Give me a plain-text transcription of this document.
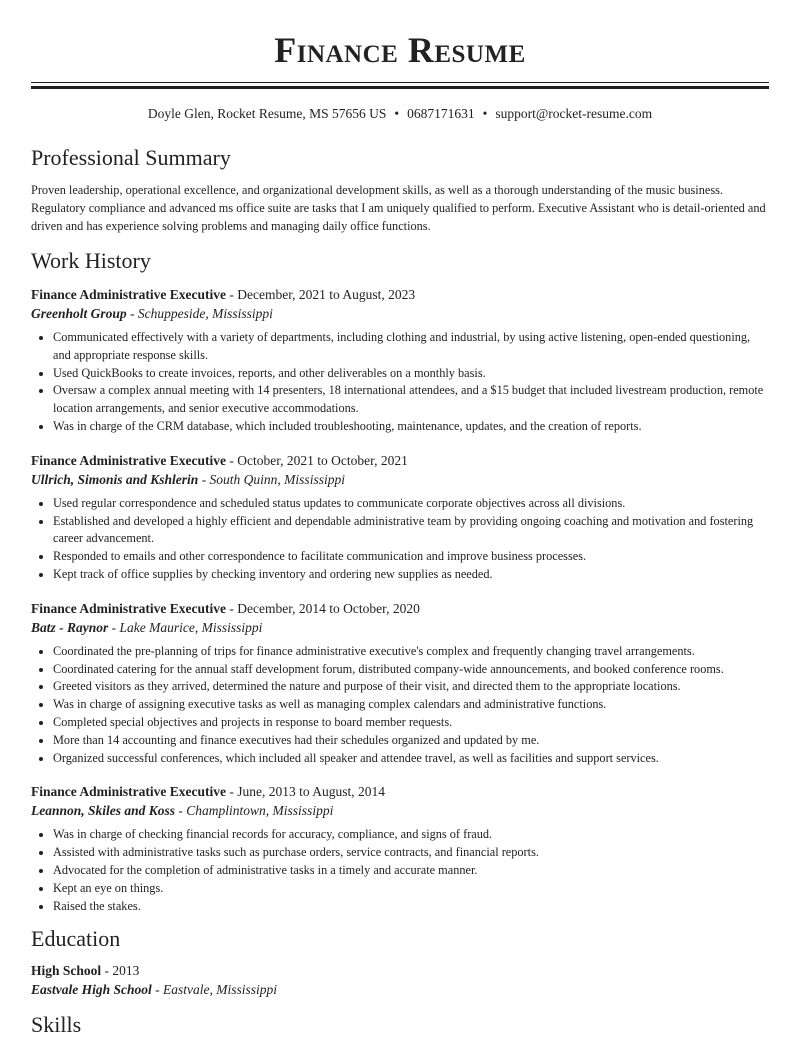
Finance Resume
Doyle Glen, Rocket Resume, MS 57656 US • 0687171631 • support@rocket-resume.com
Professional Summary
Proven leadership, operational excellence, and organizational development skills, as well as a thorough understanding of the music business. Regulatory compliance and advanced ms office suite are tasks that I am uniquely qualified to perform. Executive Assistant who is detail-oriented and driven and has experience solving problems and managing daily office functions.
Work History
Finance Administrative Executive - December, 2021 to August, 2023
Greenholt Group - Schuppeside, Mississippi
• Communicated effectively with a variety of departments, including clothing and industrial, by using active listening, open-ended questioning, and appropriate response skills.
• Used QuickBooks to create invoices, reports, and other deliverables on a monthly basis.
• Oversaw a complex annual meeting with 14 presenters, 18 international attendees, and a $15 budget that included livestream production, remote location arrangements, and senior executive accommodations.
• Was in charge of the CRM database, which included troubleshooting, maintenance, updates, and the creation of reports.
Finance Administrative Executive - October, 2021 to October, 2021
Ullrich, Simonis and Kshlerin - South Quinn, Mississippi
• Used regular correspondence and scheduled status updates to communicate corporate objectives across all divisions.
• Established and developed a highly efficient and dependable administrative team by providing ongoing coaching and motivation and fostering career advancement.
• Responded to emails and other correspondence to facilitate communication and improve business processes.
• Kept track of office supplies by checking inventory and ordering new supplies as needed.
Finance Administrative Executive - December, 2014 to October, 2020
Batz - Raynor - Lake Maurice, Mississippi
• Coordinated the pre-planning of trips for finance administrative executive's complex and frequently changing travel arrangements.
• Coordinated catering for the annual staff development forum, distributed company-wide announcements, and booked conference rooms.
• Greeted visitors as they arrived, determined the nature and purpose of their visit, and directed them to the appropriate locations.
• Was in charge of assigning executive tasks as well as managing complex calendars and administrative functions.
• Completed special objectives and projects in response to board member requests.
• More than 14 accounting and finance executives had their schedules organized and updated by me.
• Organized successful conferences, which included all speaker and attendee travel, as well as facilities and support services.
Finance Administrative Executive - June, 2013 to August, 2014
Leannon, Skiles and Koss - Champlintown, Mississippi
• Was in charge of checking financial records for accuracy, compliance, and signs of fraud.
• Assisted with administrative tasks such as purchase orders, service contracts, and financial reports.
• Advocated for the completion of administrative tasks in a timely and accurate manner.
• Kept an eye on things.
• Raised the stakes.
Education
High School - 2013
Eastvale High School - Eastvale, Mississippi
Skills
